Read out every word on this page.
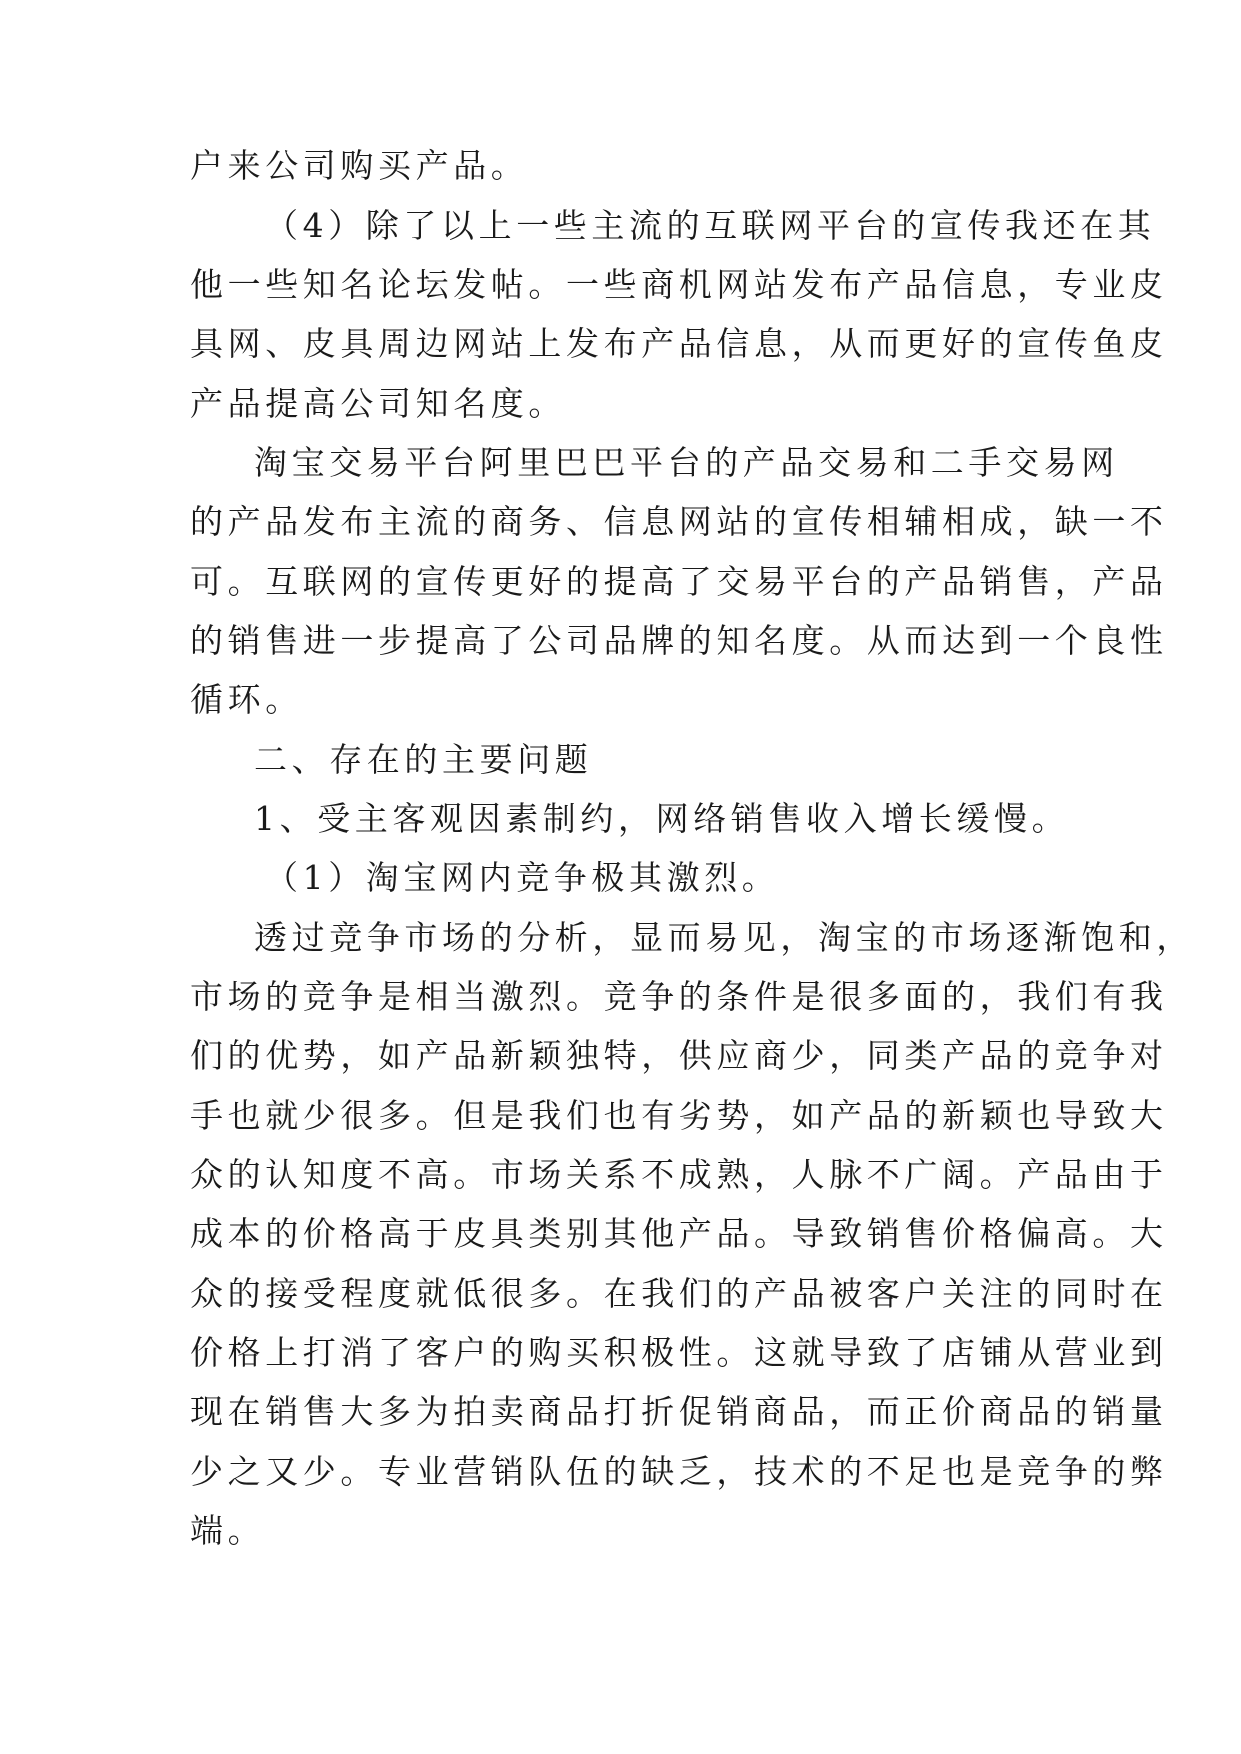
户来公司购买产品。

（4）除了以上一些主流的互联网平台的宣传我还在其

他一些知名论坛发帖。一些商机网站发布产品信息，专业皮

具网、皮具周边网站上发布产品信息，从而更好的宣传鱼皮

产品提高公司知名度。

淘宝交易平台阿里巴巴平台的产品交易和二手交易网

的产品发布主流的商务、信息网站的宣传相辅相成，缺一不

可。互联网的宣传更好的提高了交易平台的产品销售，产品

的销售进一步提高了公司品牌的知名度。从而达到一个良性

循环。

二、存在的主要问题

1、受主客观因素制约，网络销售收入增长缓慢。

（1）淘宝网内竞争极其激烈。

透过竞争市场的分析，显而易见，淘宝的市场逐渐饱和，

市场的竞争是相当激烈。竞争的条件是很多面的，我们有我

们的优势，如产品新颖独特，供应商少，同类产品的竞争对

手也就少很多。但是我们也有劣势，如产品的新颖也导致大

众的认知度不高。市场关系不成熟，人脉不广阔。产品由于

成本的价格高于皮具类别其他产品。导致销售价格偏高。大

众的接受程度就低很多。在我们的产品被客户关注的同时在

价格上打消了客户的购买积极性。这就导致了店铺从营业到

现在销售大多为拍卖商品打折促销商品，而正价商品的销量

少之又少。专业营销队伍的缺乏，技术的不足也是竞争的弊

端。
